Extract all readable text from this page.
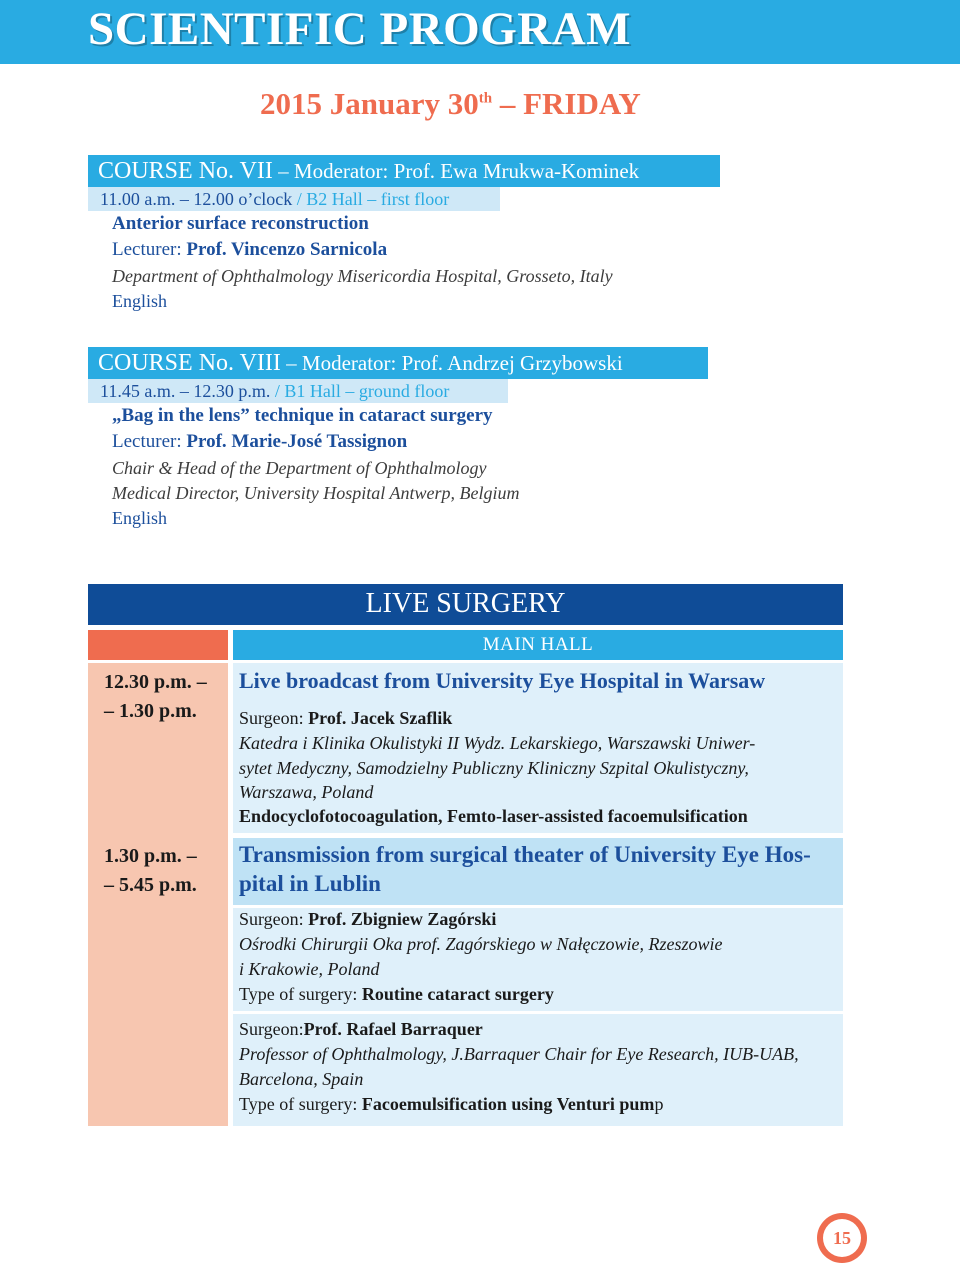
SCIENTIFIC PROGRAM
2015 January 30th – FRIDAY
COURSE No. VII – Moderator: Prof. Ewa Mrukwa-Kominek
11.00 a.m. – 12.00 o’clock / B2 Hall – first floor
Anterior surface reconstruction
Lecturer: Prof. Vincenzo Sarnicola
Department of Ophthalmology Misericordia Hospital, Grosseto, Italy
English
COURSE No. VIII – Moderator: Prof. Andrzej Grzybowski
11.45 a.m. – 12.30 p.m. / B1 Hall – ground floor
„Bag in the lens” technique in cataract surgery
Lecturer: Prof. Marie-José Tassignon
Chair & Head of the Department of Ophthalmology
Medical Director, University Hospital Antwerp, Belgium
English
LIVE SURGERY
MAIN HALL
12.30 p.m. –
– 1.30 p.m.
Live broadcast from University Eye Hospital in Warsaw
Surgeon: Prof. Jacek Szaflik
Katedra i Klinika Okulistyki II Wydz. Lekarskiego, Warszawski Uniwer-
sytet Medyczny, Samodzielny Publiczny Kliniczny Szpital Okulistyczny,
Warszawa, Poland
Endocyclofotocoagulation, Femto-laser-assisted facoemulsification
1.30 p.m. –
– 5.45 p.m.
Transmission from surgical theater of University Eye Hos-
pital in Lublin
Surgeon: Prof. Zbigniew Zagórski
Ośrodki Chirurgii Oka prof. Zagórskiego w Nałęczowie, Rzeszowie
i Krakowie, Poland
Type of surgery: Routine cataract surgery
Surgeon:Prof. Rafael Barraquer
Professor of Ophthalmology, J.Barraquer Chair for Eye Research, IUB-UAB,
Barcelona, Spain
Type of surgery: Facoemulsification using Venturi pump
15
